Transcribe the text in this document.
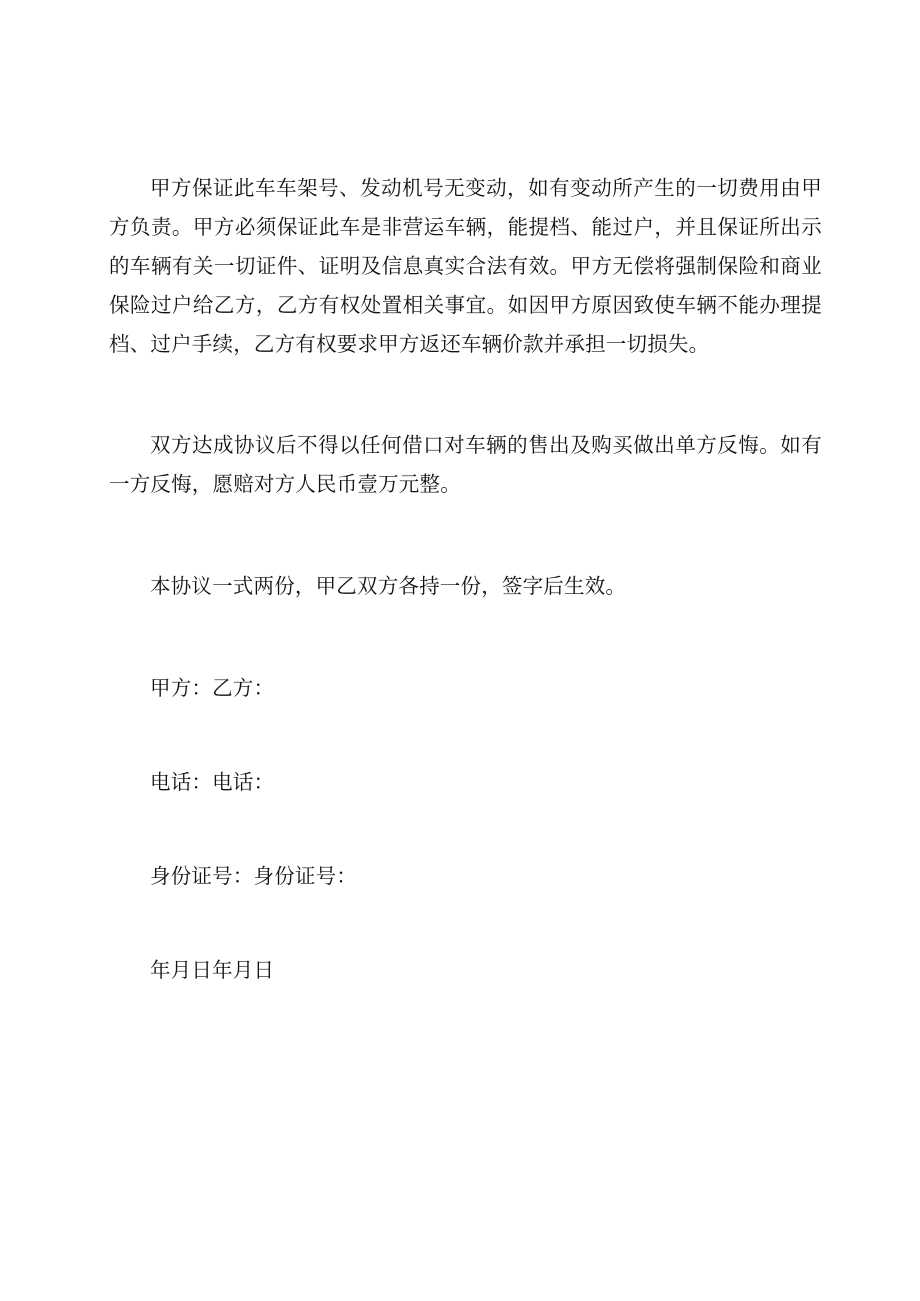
甲方保证此车车架号、发动机号无变动，如有变动所产生的一切费用由甲方负责。甲方必须保证此车是非营运车辆，能提档、能过户，并且保证所出示的车辆有关一切证件、证明及信息真实合法有效。甲方无偿将强制保险和商业保险过户给乙方，乙方有权处置相关事宜。如因甲方原因致使车辆不能办理提档、过户手续，乙方有权要求甲方返还车辆价款并承担一切损失。

双方达成协议后不得以任何借口对车辆的售出及购买做出单方反悔。如有一方反悔，愿赔对方人民币壹万元整。

本协议一式两份，甲乙双方各持一份，签字后生效。

甲方：乙方：

电话：电话：

身份证号：身份证号：

年月日年月日
